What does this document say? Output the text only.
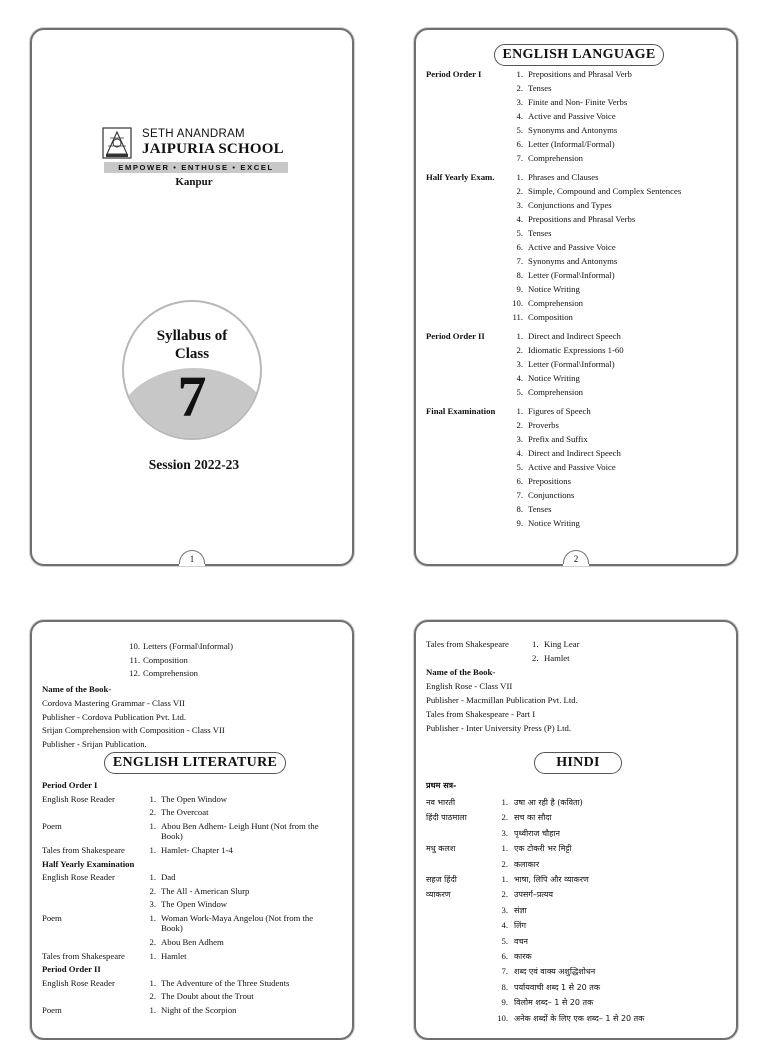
SETH ANANDRAM
JAIPURIA SCHOOL
EMPOWER • ENTHUSE • EXCEL
Kanpur
Syllabus of
Class
7
Session 2022-23
1
ENGLISH LANGUAGE
Period Order I	1. Prepositions and Phrasal Verb
2. Tenses
3. Finite and Non- Finite Verbs
4. Active and Passive Voice
5. Synonyms and Antonyms
6. Letter (Informal/Formal)
7. Comprehension
Half Yearly Exam.	1. Phrases and Clauses
2. Simple, Compound and Complex Sentences
3. Conjunctions and Types
4. Prepositions and Phrasal Verbs
5. Tenses
6. Active and Passive Voice
7. Synonyms and Antonyms
8. Letter (Formal\Informal)
9. Notice Writing
10. Comprehension
11. Composition
Period Order II	1. Direct and Indirect Speech
2. Idiomatic Expressions 1-60
3. Letter (Formal\Informal)
4. Notice Writing
5. Comprehension
Final Examination	1. Figures of Speech
2. Proverbs
3. Prefix and Suffix
4. Direct and Indirect Speech
5. Active and Passive Voice
6. Prepositions
7. Conjunctions
8. Tenses
9. Notice Writing
2
10. Letters (Formal\Informal)
11. Composition
12. Comprehension
Name of the Book-
Cordova Mastering Grammar - Class VII
Publisher - Cordova Publication Pvt. Ltd.
Srijan Comprehension with Composition - Class VII
Publisher - Srijan Publication.
ENGLISH LITERATURE
Period Order I
English Rose Reader	1. The Open Window
2. The Overcoat
Poem	1. Abou Ben Adhem- Leigh Hunt (Not from the
Book)
Tales from Shakespeare	1. Hamlet- Chapter 1-4
Half Yearly Examination
English Rose Reader	1. Dad
2. The All - American Slurp
3. The Open Window
Poem	1. Woman Work-Maya Angelou (Not from the
Book)
2. Abou Ben Adhem
Tales from Shakespeare	1. Hamlet
Period Order II
English Rose Reader	1. The Adventure of the Three Students
2. The Doubt about the Trout
Poem	1. Night of the Scorpion
Tales from Shakespeare	1. King Lear
2. Hamlet
Name of the Book-
English Rose - Class VII
Publisher - Macmillan Publication Pvt. Ltd.
Tales from Shakespeare - Part I
Publisher - Inter University Press (P) Ltd.
HINDI
प्रथम सत्र-
नव भारती	1. उषा आ रही है (कविता)
हिंदी पाठमाला	2. सच का सौदा
3. पृथ्वीराज चौहान
मधु कलश	1. एक टोकरी भर मिट्टी
2. कलाकार
सहज हिंदी	1. भाषा, लिपि और व्याकरण
व्याकरण	2. उपसर्ग–प्रत्यय
3. संज्ञा
4. लिंग
5. वचन
6. कारक
7. शब्द एवं वाक्य अशुद्धिशोधन
8. पर्यायवाची शब्द 1 से 20 तक
9. विलोम शब्द– 1 से 20 तक
10. अनेक शब्दों के लिए एक शब्द– 1 से 20 तक
